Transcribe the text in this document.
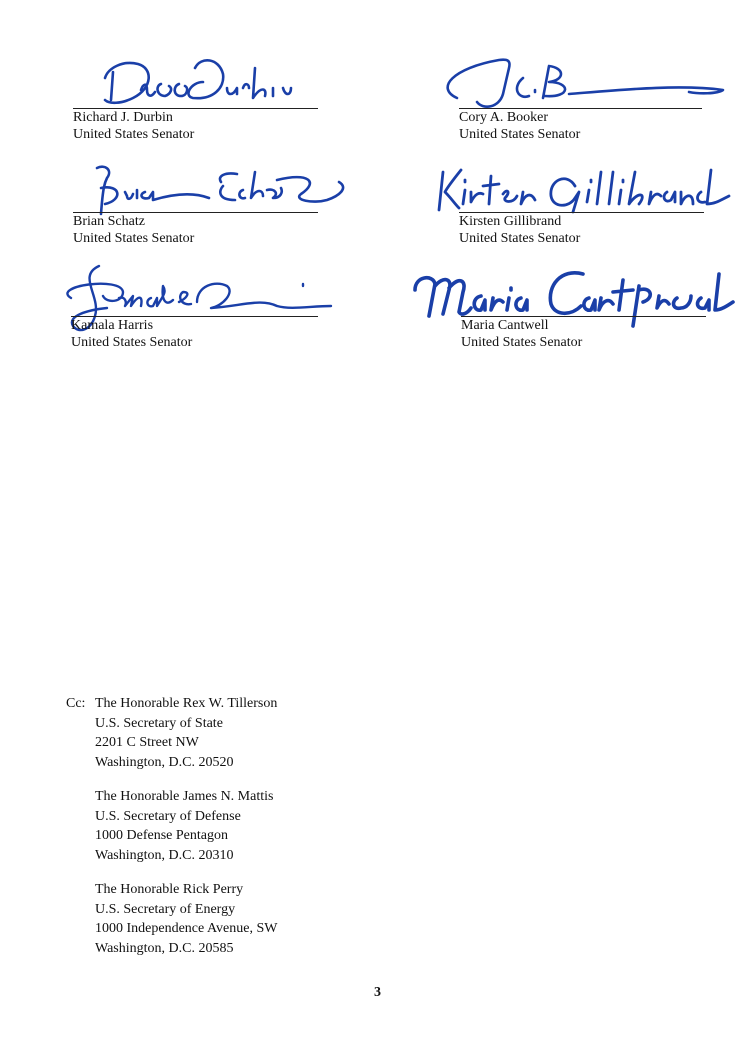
Richard J. Durbin
United States Senator
Cory A. Booker
United States Senator
Brian Schatz
United States Senator
Kirsten Gillibrand
United States Senator
Kamala Harris
United States Senator
Maria Cantwell
United States Senator
Cc: The Honorable Rex W. Tillerson
U.S. Secretary of State
2201 C Street NW
Washington, D.C. 20520
The Honorable James N. Mattis
U.S. Secretary of Defense
1000 Defense Pentagon
Washington, D.C. 20310
The Honorable Rick Perry
U.S. Secretary of Energy
1000 Independence Avenue, SW
Washington, D.C. 20585
3
